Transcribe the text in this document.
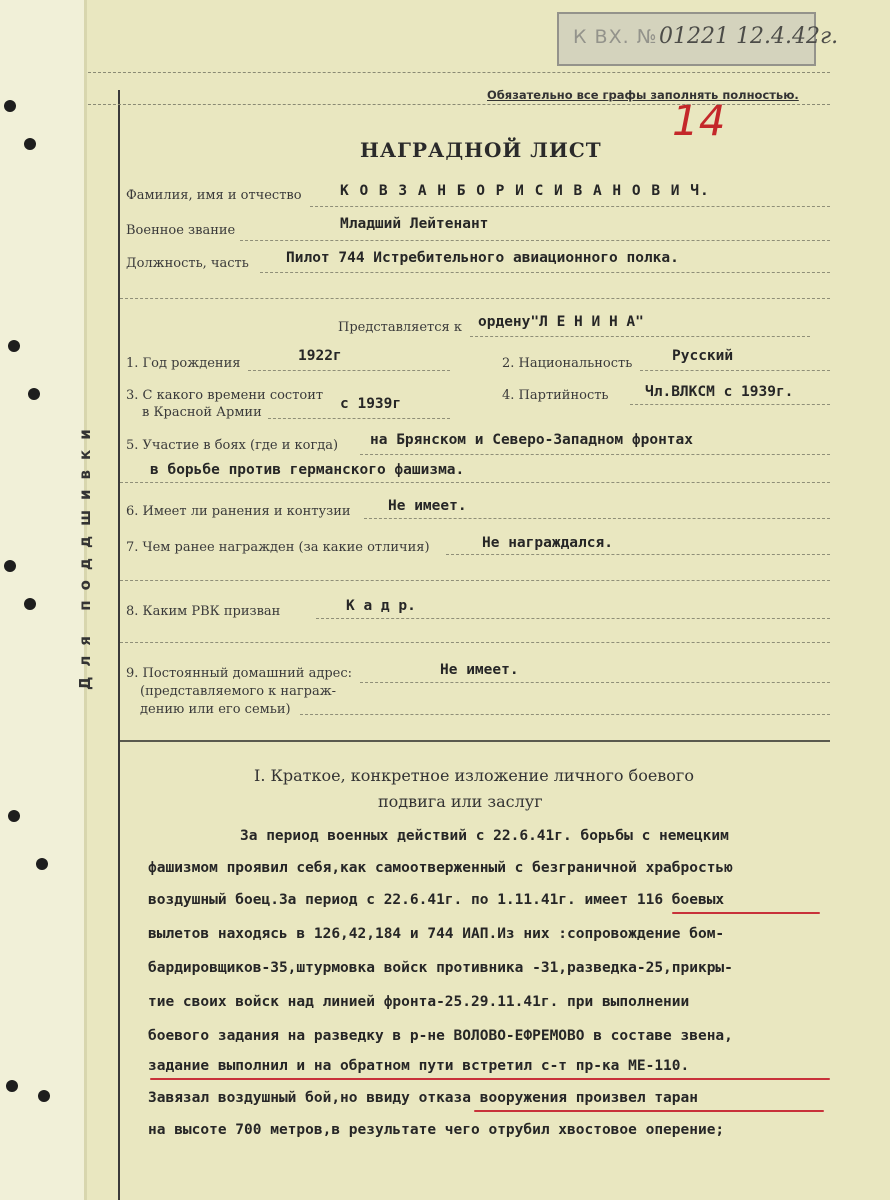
Для поддшивки
К ВХ. № 01221 12.4.42г.
Обязательно все графы заполнять полностью.
14
НАГРАДНОЙ ЛИСТ
Фамилия, имя и отчество	К О В З А Н Б О Р И С И В А Н О В И Ч.
Военное звание	Младший Лейтенант
Должность, часть	Пилот 744 Истребительного авиационного полка.
Представляется к ордену"Л Е Н И Н А"
1. Год рождения	1922г	2. Национальность	Русский
3. С какого времени состоит
в Красной Армии
с 1939г
4. Партийность	Чл.ВЛКСМ с 1939г.
5. Участие в боях (где и когда) на Брянском и Северо-Западном фронтах
в борьбе против германского фашизма.
6. Имеет ли ранения и контузии	Не имеет.
7. Чем ранее награжден (за какие отличия)	Не награждался.
8. Каким РВК призван	К а д р.
9. Постоянный домашний адрес:
(представляемого к награж-
дению или его семьи)
Не имеет.
I. Краткое, конкретное изложение личного боевого
подвига или заслуг
За период военных действий с 22.6.41г. борьбы с немецким
фашизмом проявил себя,как самоотверженный с безграничной храбростью
воздушный боец.За период с 22.6.41г. по 1.11.41г. имеет 116 боевых
вылетов находясь в 126,42,184 и 744 ИАП.Из них :сопровождение бом-
бардировщиков-35,штурмовка войск противника -31,разведка-25,прикры-
тие своих войск над линией фронта-25.29.11.41г. при выполнении
боевого задания на разведку в р-не ВОЛОВО-ЕФРЕМОВО в составе звена,
задание выполнил и на обратном пути встретил с-т пр-ка МЕ-110.
Завязал воздушный бой,но ввиду отказа вооружения произвел таран
на высоте 700 метров,в результате чего отрубил хвостовое оперение;
